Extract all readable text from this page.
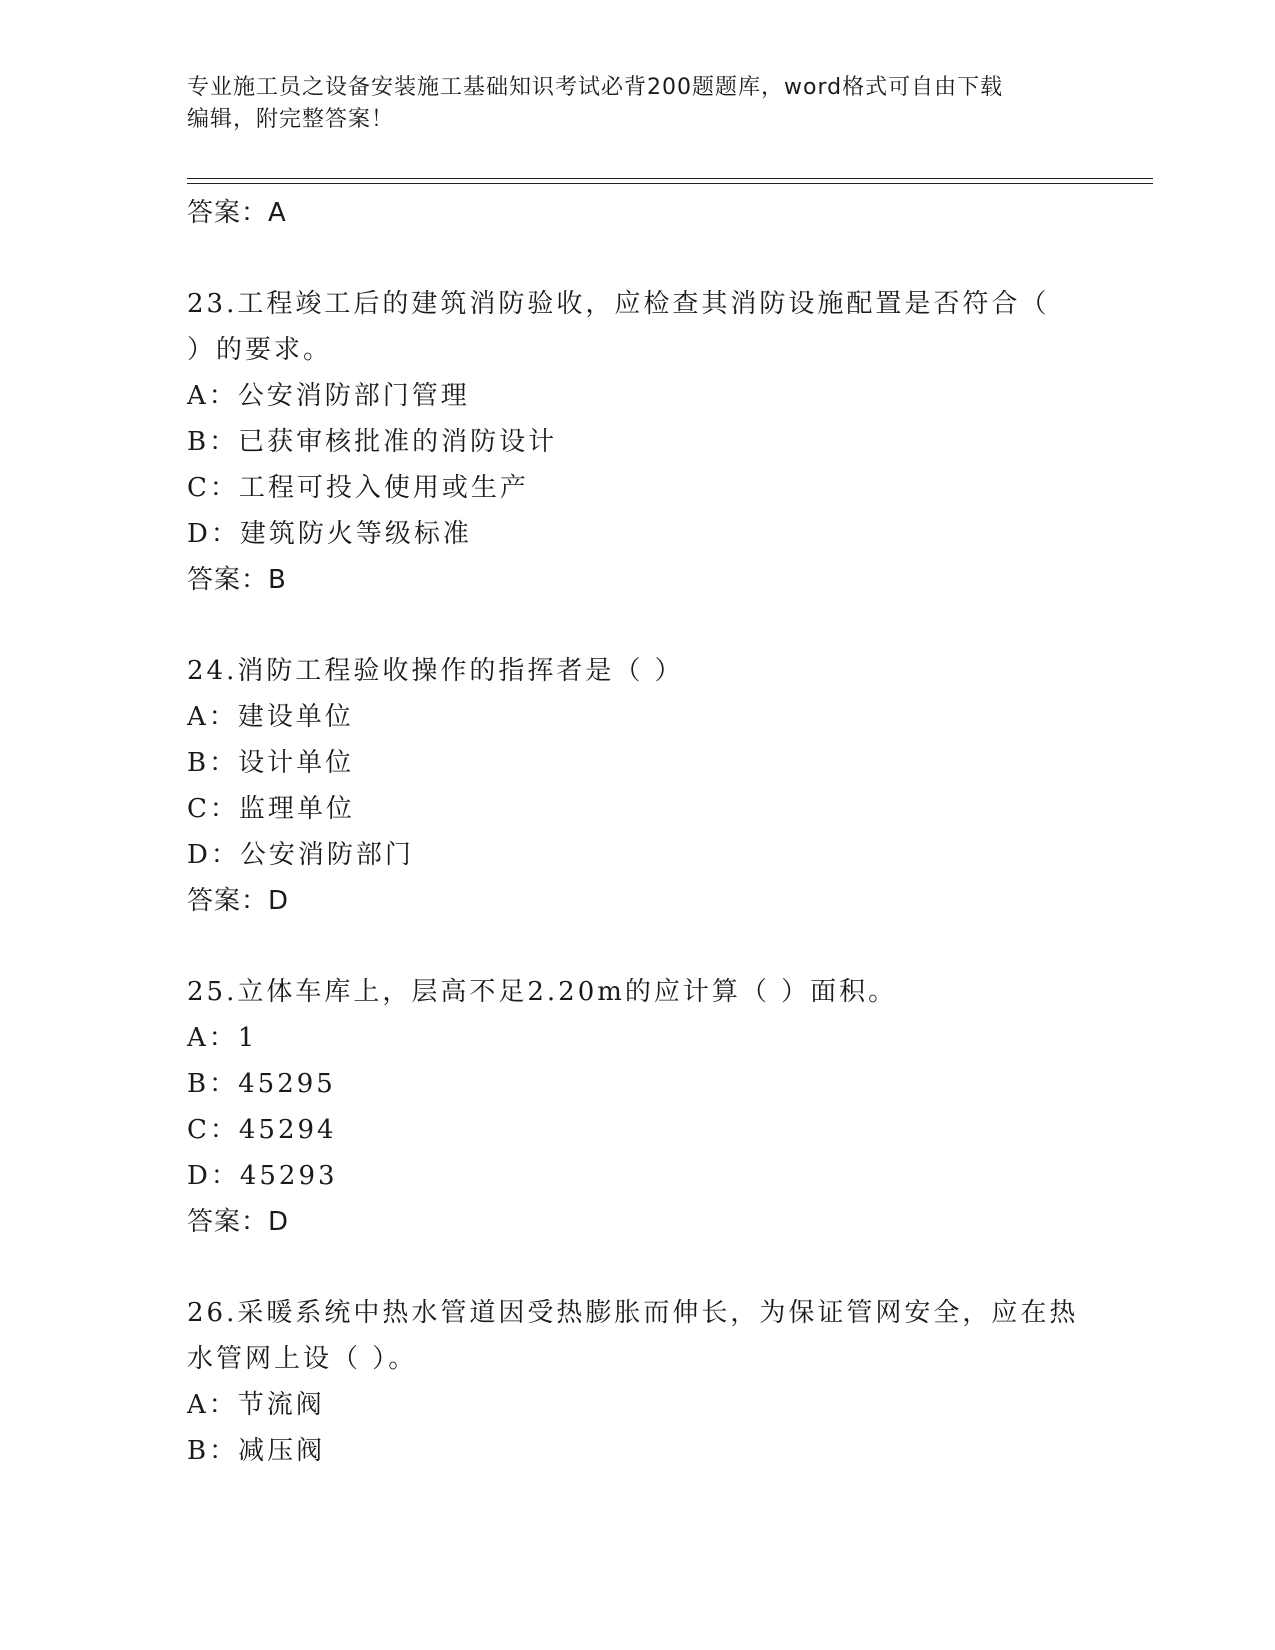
专业施工员之设备安装施工基础知识考试必背200题题库，word格式可自由下载
编辑，附完整答案！
答案：A
23.工程竣工后的建筑消防验收，应检查其消防设施配置是否符合（
）的要求。
A：公安消防部门管理
B：已获审核批准的消防设计
C：工程可投入使用或生产
D：建筑防火等级标准
答案：B
24.消防工程验收操作的指挥者是（ ）
A：建设单位
B：设计单位
C：监理单位
D：公安消防部门
答案：D
25.立体车库上，层高不足2.20m的应计算（ ）面积。
A：1
B：45295
C：45294
D：45293
答案：D
26.采暖系统中热水管道因受热膨胀而伸长，为保证管网安全，应在热
水管网上设（ ）。
A：节流阀
B：减压阀
